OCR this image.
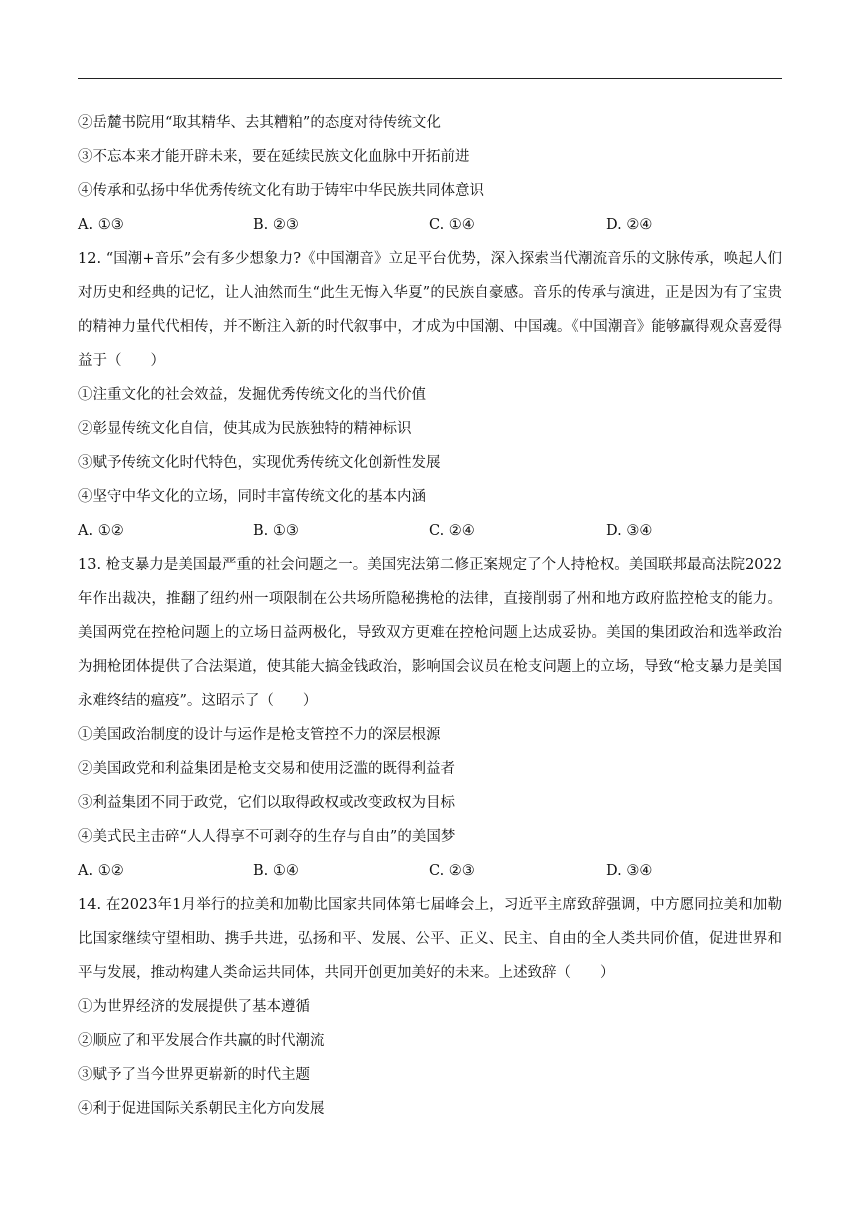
②岳麓书院用“取其精华、去其糟粕”的态度对待传统文化
③不忘本来才能开辟未来，要在延续民族文化血脉中开拓前进
④传承和弘扬中华优秀传统文化有助于铸牢中华民族共同体意识
A. ①③	B. ②③	C. ①④	D. ②④
12. “国潮+音乐”会有多少想象力?《中国潮音》立足平台优势，深入探索当代潮流音乐的文脉传承，唤起人们对历史和经典的记忆，让人油然而生“此生无悔入华夏”的民族自豪感。音乐的传承与演进，正是因为有了宝贵的精神力量代代相传，并不断注入新的时代叙事中，才成为中国潮、中国魂。《中国潮音》能够赢得观众喜爱得益于（　　）
①注重文化的社会效益，发掘优秀传统文化的当代价值
②彰显传统文化自信，使其成为民族独特的精神标识
③赋予传统文化时代特色，实现优秀传统文化创新性发展
④坚守中华文化的立场，同时丰富传统文化的基本内涵
A. ①②	B. ①③	C. ②④	D. ③④
13. 枪支暴力是美国最严重的社会问题之一。美国宪法第二修正案规定了个人持枪权。美国联邦最高法院2022年作出裁决，推翻了纽约州一项限制在公共场所隐秘携枪的法律，直接削弱了州和地方政府监控枪支的能力。美国两党在控枪问题上的立场日益两极化，导致双方更难在控枪问题上达成妥协。美国的集团政治和选举政治为拥枪团体提供了合法渠道，使其能大搞金钱政治，影响国会议员在枪支问题上的立场，导致“枪支暴力是美国永难终结的瘟疫”。这昭示了（　　）
①美国政治制度的设计与运作是枪支管控不力的深层根源
②美国政党和利益集团是枪支交易和使用泛滥的既得利益者
③利益集团不同于政党，它们以取得政权或改变政权为目标
④美式民主击碎“人人得享不可剥夺的生存与自由”的美国梦
A. ①②	B. ①④	C. ②③	D. ③④
14. 在2023年1月举行的拉美和加勒比国家共同体第七届峰会上，习近平主席致辞强调，中方愿同拉美和加勒比国家继续守望相助、携手共进，弘扬和平、发展、公平、正义、民主、自由的全人类共同价值，促进世界和平与发展，推动构建人类命运共同体，共同开创更加美好的未来。上述致辞（　　）
①为世界经济的发展提供了基本遵循
②顺应了和平发展合作共赢的时代潮流
③赋予了当今世界更崭新的时代主题
④利于促进国际关系朝民主化方向发展
